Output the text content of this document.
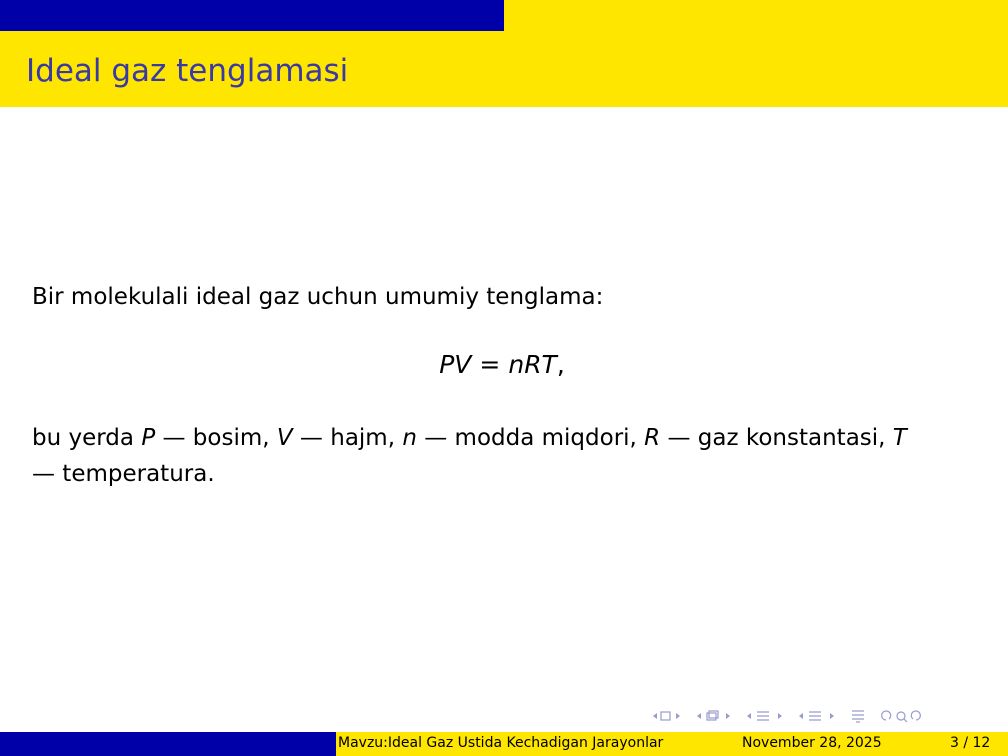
Ideal gaz tenglamasi
Bir molekulali ideal gaz uchun umumiy tenglama:
PV = nRT,
bu yerda P — bosim, V — hajm, n — modda miqdori, R — gaz konstantasi, T — temperatura.
Mavzu:Ideal Gaz Ustida Kechadigan Jarayonlar	November 28, 2025	3 / 12
